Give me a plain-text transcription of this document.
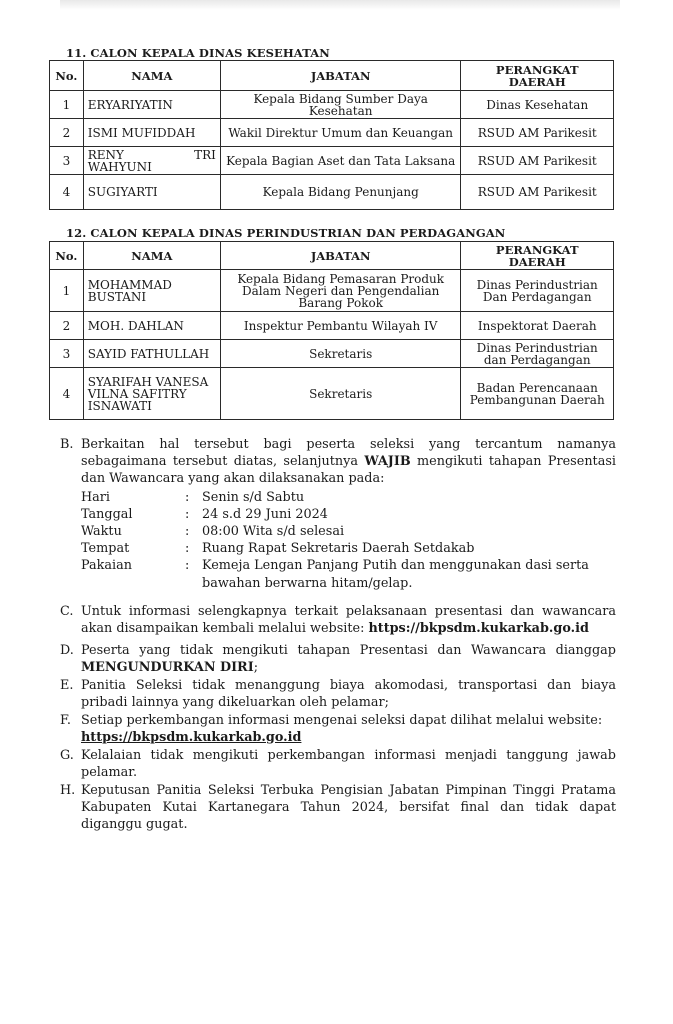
11. CALON KEPALA DINAS KESEHATAN
No.	NAMA	JABATAN	PERANGKAT DAERAH
1	ERYARIYATIN	Kepala Bidang Sumber Daya Kesehatan	Dinas Kesehatan
2	ISMI MUFIDDAH	Wakil Direktur Umum dan Keuangan	RSUD AM Parikesit
3	RENY TRI WAHYUNI	Kepala Bagian Aset dan Tata Laksana	RSUD AM Parikesit
4	SUGIYARTI	Kepala Bidang Penunjang	RSUD AM Parikesit
12. CALON KEPALA DINAS PERINDUSTRIAN DAN PERDAGANGAN
No.	NAMA	JABATAN	PERANGKAT DAERAH
1	MOHAMMAD BUSTANI	Kepala Bidang Pemasaran Produk Dalam Negeri dan Pengendalian Barang Pokok	Dinas Perindustrian Dan Perdagangan
2	MOH. DAHLAN	Inspektur Pembantu Wilayah IV	Inspektorat Daerah
3	SAYID FATHULLAH	Sekretaris	Dinas Perindustrian dan Perdagangan
4	SYARIFAH VANESA VILNA SAFITRY ISNAWATI	Sekretaris	Badan Perencanaan Pembangunan Daerah
B. Berkaitan hal tersebut bagi peserta seleksi yang tercantum namanya sebagaimana tersebut diatas, selanjutnya WAJIB mengikuti tahapan Presentasi dan Wawancara yang akan dilaksanakan pada:
Hari	: Senin s/d Sabtu
Tanggal	: 24 s.d 29 Juni 2024
Waktu	: 08:00 Wita s/d selesai
Tempat	: Ruang Rapat Sekretaris Daerah Setdakab
Pakaian	: Kemeja Lengan Panjang Putih dan menggunakan dasi serta bawahan berwarna hitam/gelap.
C. Untuk informasi selengkapnya terkait pelaksanaan presentasi dan wawancara akan disampaikan kembali melalui website: https://bkpsdm.kukarkab.go.id
D. Peserta yang tidak mengikuti tahapan Presentasi dan Wawancara dianggap MENGUNDURKAN DIRI;
E. Panitia Seleksi tidak menanggung biaya akomodasi, transportasi dan biaya pribadi lainnya yang dikeluarkan oleh pelamar;
F. Setiap perkembangan informasi mengenai seleksi dapat dilihat melalui website:
https://bkpsdm.kukarkab.go.id
G. Kelalaian tidak mengikuti perkembangan informasi menjadi tanggung jawab pelamar.
H. Keputusan Panitia Seleksi Terbuka Pengisian Jabatan Pimpinan Tinggi Pratama Kabupaten Kutai Kartanegara Tahun 2024, bersifat final dan tidak dapat diganggu gugat.
